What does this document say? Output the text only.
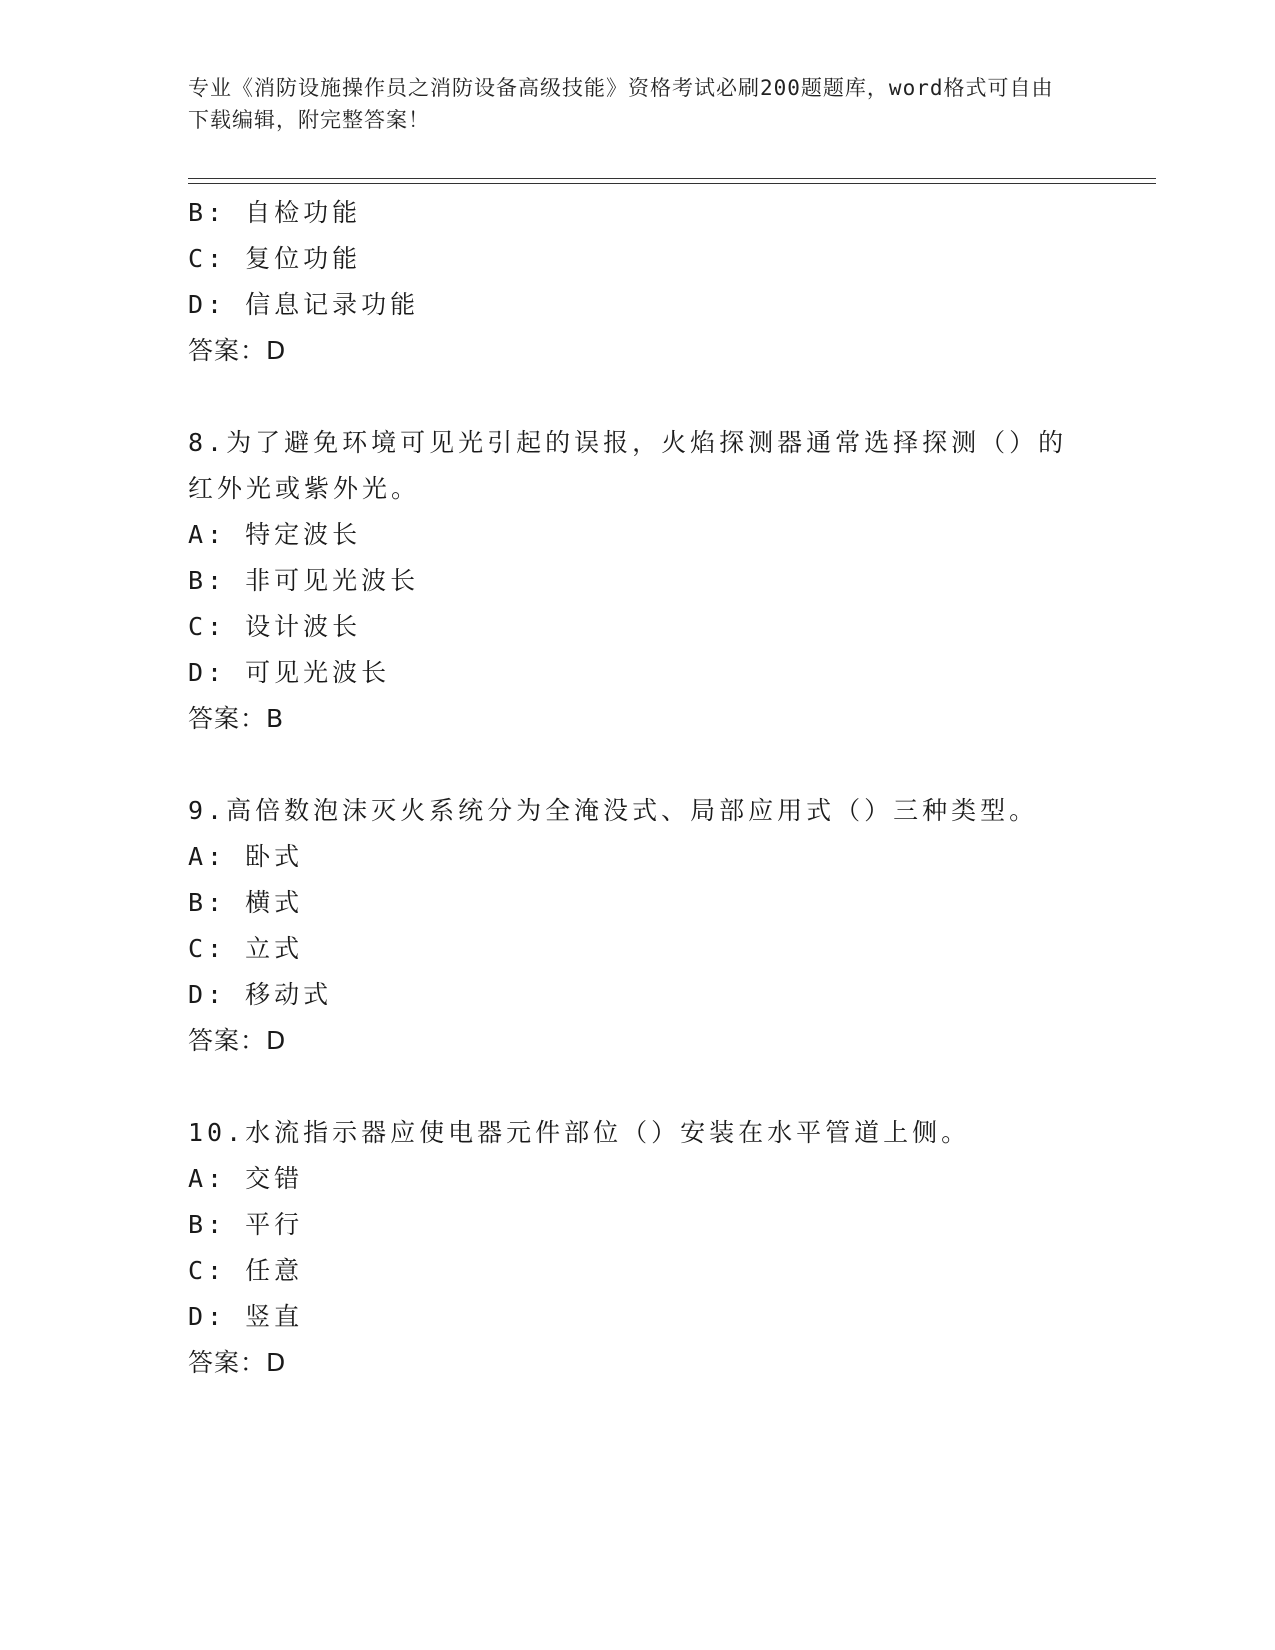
专业《消防设施操作员之消防设备高级技能》资格考试必刷200题题库，word格式可自由下载编辑，附完整答案！
B: 自检功能
C: 复位功能
D: 信息记录功能
答案：D
8.为了避免环境可见光引起的误报，火焰探测器通常选择探测（）的
红外光或紫外光。
A: 特定波长
B: 非可见光波长
C: 设计波长
D: 可见光波长
答案：B
9.高倍数泡沫灭火系统分为全淹没式、局部应用式（）三种类型。
A: 卧式
B: 横式
C: 立式
D: 移动式
答案：D
10.水流指示器应使电器元件部位（）安装在水平管道上侧。
A: 交错
B: 平行
C: 任意
D: 竖直
答案：D
